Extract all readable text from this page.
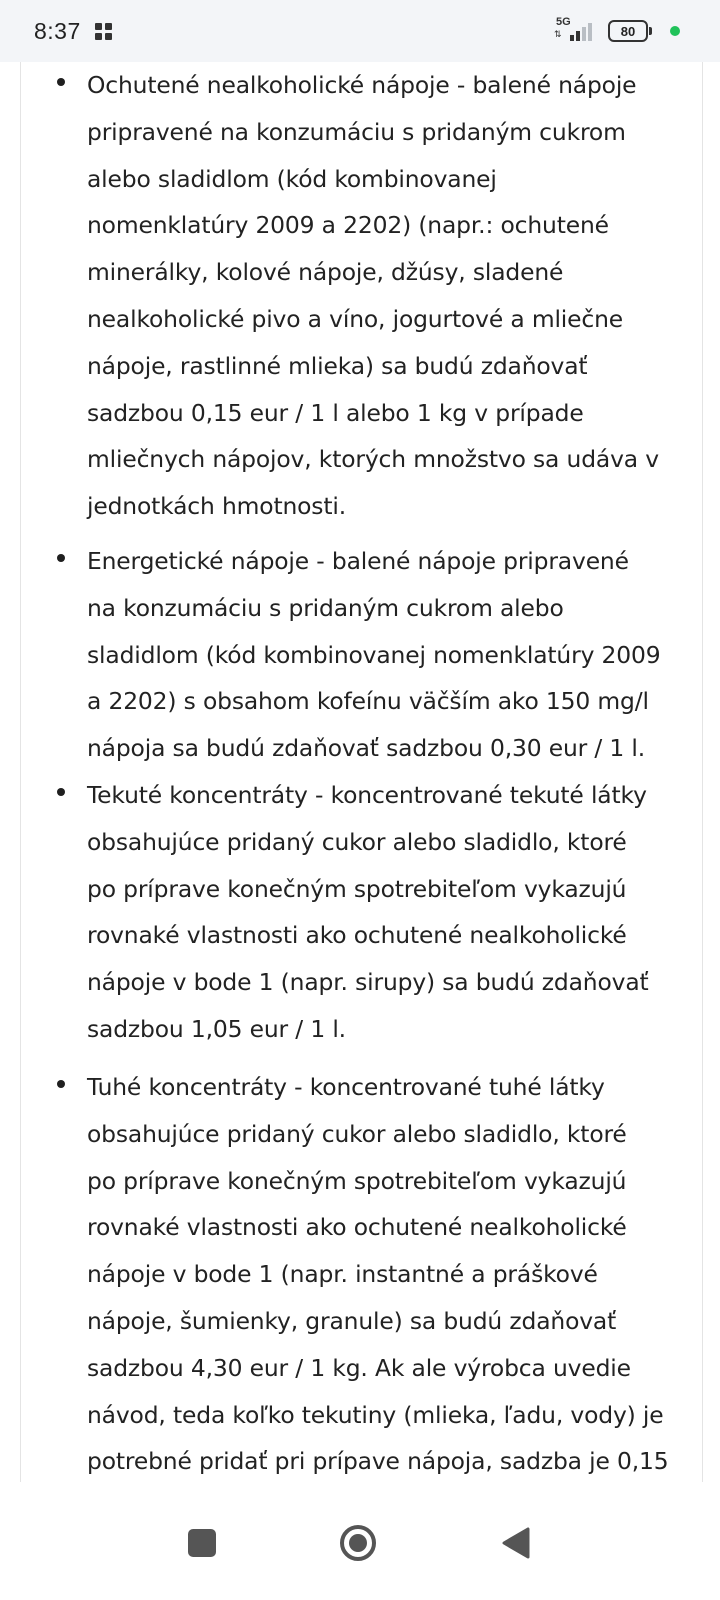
8:37	5G
⇅	80
Ochutené nealkoholické nápoje - balené nápoje
pripravené na konzumáciu s pridaným cukrom
alebo sladidlom (kód kombinovanej
nomenklatúry 2009 a 2202) (napr.: ochutené
minerálky, kolové nápoje, džúsy, sladené
nealkoholické pivo a víno, jogurtové a mliečne
nápoje, rastlinné mlieka) sa budú zdaňovať
sadzbou 0,15 eur / 1 l alebo 1 kg v prípade
mliečnych nápojov, ktorých množstvo sa udáva v
jednotkách hmotnosti.
Energetické nápoje - balené nápoje pripravené
na konzumáciu s pridaným cukrom alebo
sladidlom (kód kombinovanej nomenklatúry 2009
a 2202) s obsahom kofeínu väčším ako 150 mg/l
nápoja sa budú zdaňovať sadzbou 0,30 eur / 1 l.
Tekuté koncentráty - koncentrované tekuté látky
obsahujúce pridaný cukor alebo sladidlo, ktoré
po príprave konečným spotrebiteľom vykazujú
rovnaké vlastnosti ako ochutené nealkoholické
nápoje v bode 1 (napr. sirupy) sa budú zdaňovať
sadzbou 1,05 eur / 1 l.
Tuhé koncentráty - koncentrované tuhé látky
obsahujúce pridaný cukor alebo sladidlo, ktoré
po príprave konečným spotrebiteľom vykazujú
rovnaké vlastnosti ako ochutené nealkoholické
nápoje v bode 1 (napr. instantné a práškové
nápoje, šumienky, granule) sa budú zdaňovať
sadzbou 4,30 eur / 1 kg. Ak ale výrobca uvedie
návod, teda koľko tekutiny (mlieka, ľadu, vody) je
potrebné pridať pri prípave nápoja, sadzba je 0,15
